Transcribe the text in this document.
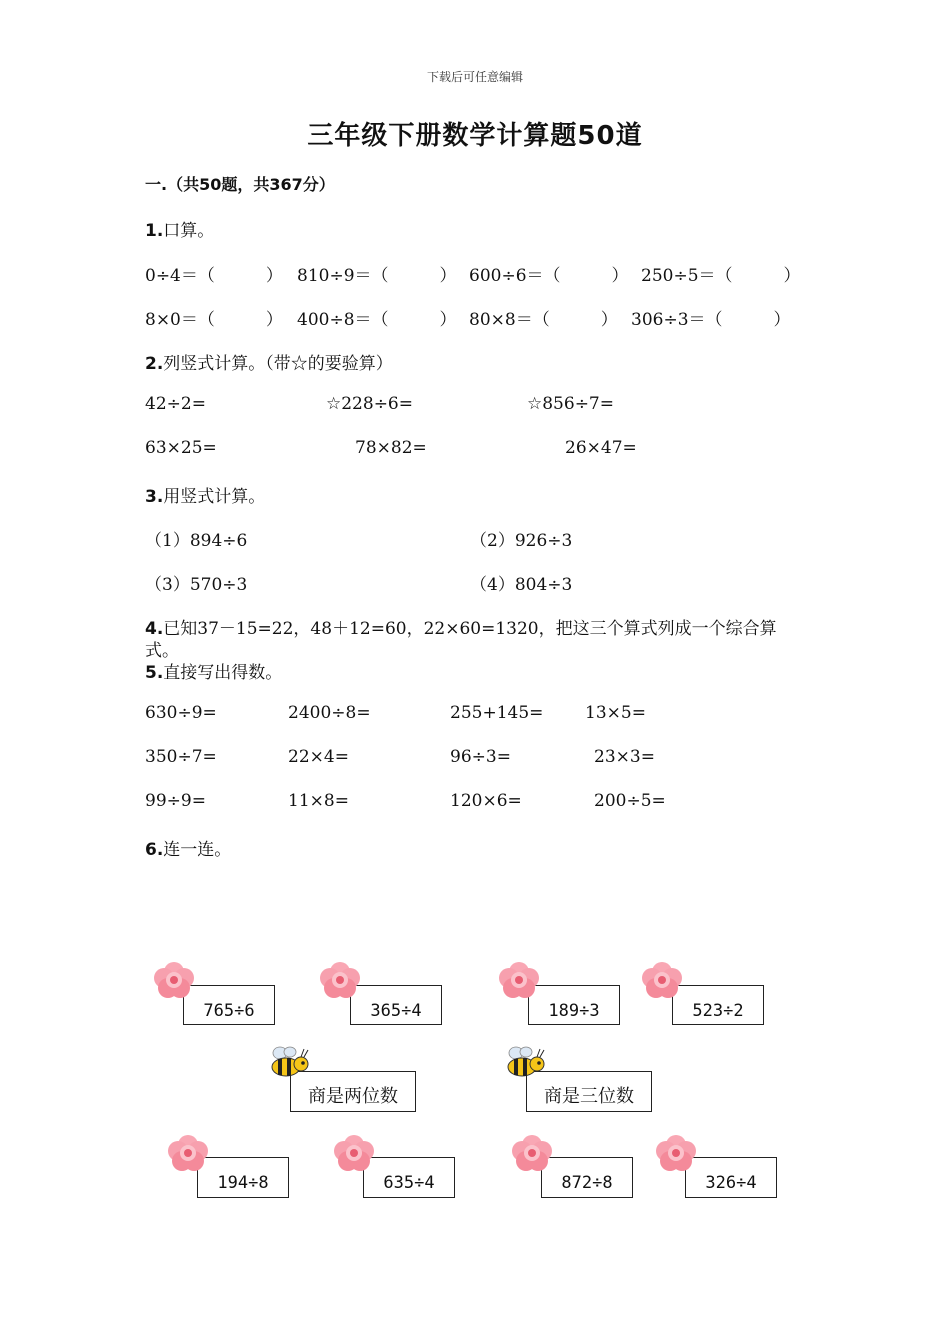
下载后可任意编辑
三年级下册数学计算题50道
一.（共50题，共367分）
1.口算。
0÷4＝（　　　） 810÷9＝（　　　） 600÷6＝（　　　） 250÷5＝（　　　）
8×0＝（　　　） 400÷8＝（　　　） 80×8＝（　　　） 306÷3＝（　　　）
2.列竖式计算。（带☆的要验算）
42÷2=	☆228÷6=	☆856÷7=
63×25=	78×82=	26×47=
3.用竖式计算。
（1）894÷6	（2）926÷3
（3）570÷3	（4）804÷3
4.已知37－15=22，48＋12=60，22×60=1320，把这三个算式列成一个综合算
式。
5.直接写出得数。
630÷9=	2400÷8=	255+145= 13×5=
350÷7=	22×4=	96÷3=	23×3=
99÷9=	11×8=	120×6=	200÷5=
6.连一连。
765÷6	365÷4	189÷3	523÷2
商是两位数	商是三位数
194÷8	635÷4	872÷8	326÷4
